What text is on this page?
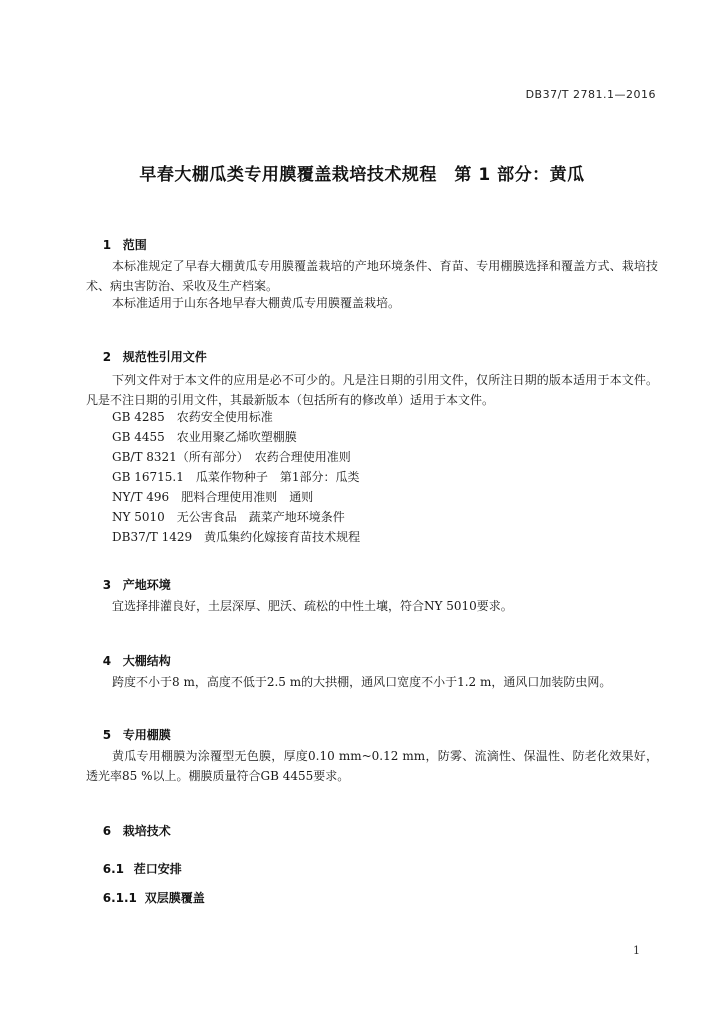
DB37/T 2781.1—2016
早春大棚瓜类专用膜覆盖栽培技术规程　第 1 部分：黄瓜

1 范围

本标准规定了早春大棚黄瓜专用膜覆盖栽培的产地环境条件、育苗、专用棚膜选择和覆盖方式、栽培技术、病虫害防治、采收及生产档案。
本标准适用于山东各地早春大棚黄瓜专用膜覆盖栽培。

2 规范性引用文件

下列文件对于本文件的应用是必不可少的。凡是注日期的引用文件，仅所注日期的版本适用于本文件。凡是不注日期的引用文件，其最新版本（包括所有的修改单）适用于本文件。
GB 4285　农药安全使用标准
GB 4455　农业用聚乙烯吹塑棚膜
GB/T 8321（所有部分）　农药合理使用准则
GB 16715.1　瓜菜作物种子　第1部分：瓜类
NY/T 496　肥料合理使用准则　通则
NY 5010　无公害食品　蔬菜产地环境条件
DB37/T 1429　黄瓜集约化嫁接育苗技术规程

3 产地环境

宜选择排灌良好，土层深厚、肥沃、疏松的中性土壤，符合NY 5010要求。

4 大棚结构

跨度不小于8 m，高度不低于2.5 m的大拱棚，通风口宽度不小于1.2 m，通风口加装防虫网。

5 专用棚膜

黄瓜专用棚膜为涂覆型无色膜，厚度0.10 mm~0.12 mm，防雾、流滴性、保温性、防老化效果好，透光率85 %以上。棚膜质量符合GB 4455要求。

6 栽培技术

6.1 茬口安排

6.1.1 双层膜覆盖

1
